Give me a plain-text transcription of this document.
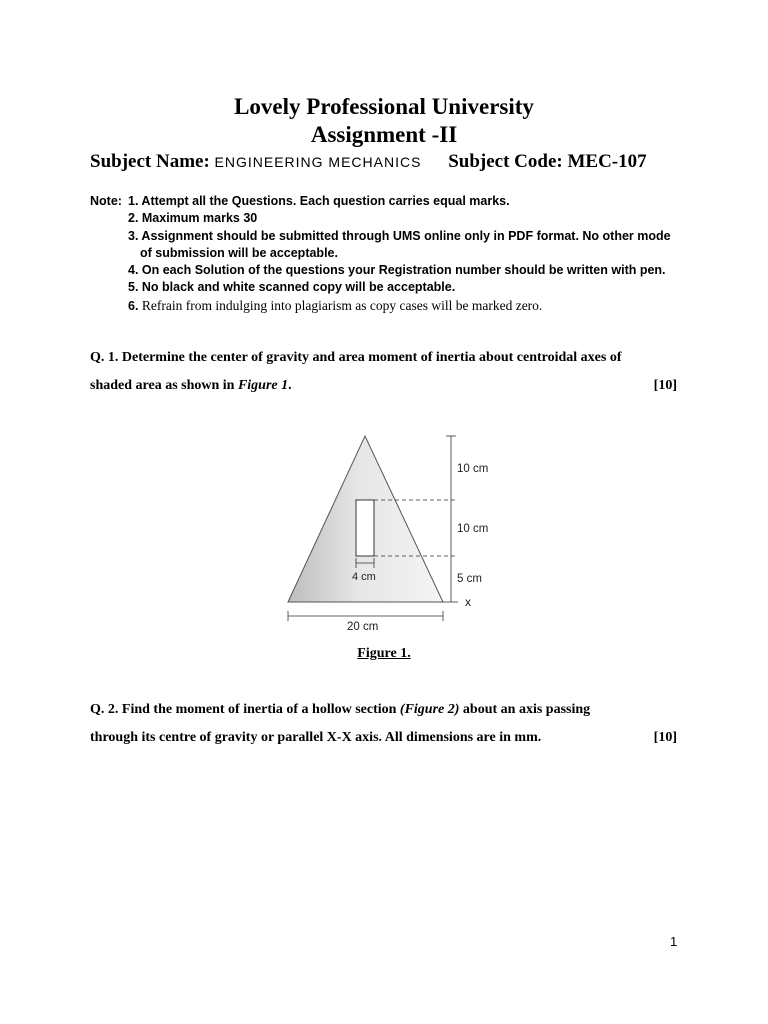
Lovely Professional University
Assignment -II
Subject Name: ENGINEERING MECHANICS Subject Code: MEC-107
Note: 1. Attempt all the Questions. Each question carries equal marks.
2. Maximum marks 30
3. Assignment should be submitted through UMS online only in PDF format. No other mode
of submission will be acceptable.
4. On each Solution of the questions your Registration number should be written with pen.
5. No black and white scanned copy will be acceptable.
6. Refrain from indulging into plagiarism as copy cases will be marked zero.
Q. 1. Determine the center of gravity and area moment of inertia about centroidal axes of
shaded area as shown in Figure 1.	[10]
10 cm
10 cm
5 cm
x
4 cm
20 cm
Figure 1.
Q. 2. Find the moment of inertia of a hollow section (Figure 2) about an axis passing
through its centre of gravity or parallel X-X axis. All dimensions are in mm.	[10]
1
